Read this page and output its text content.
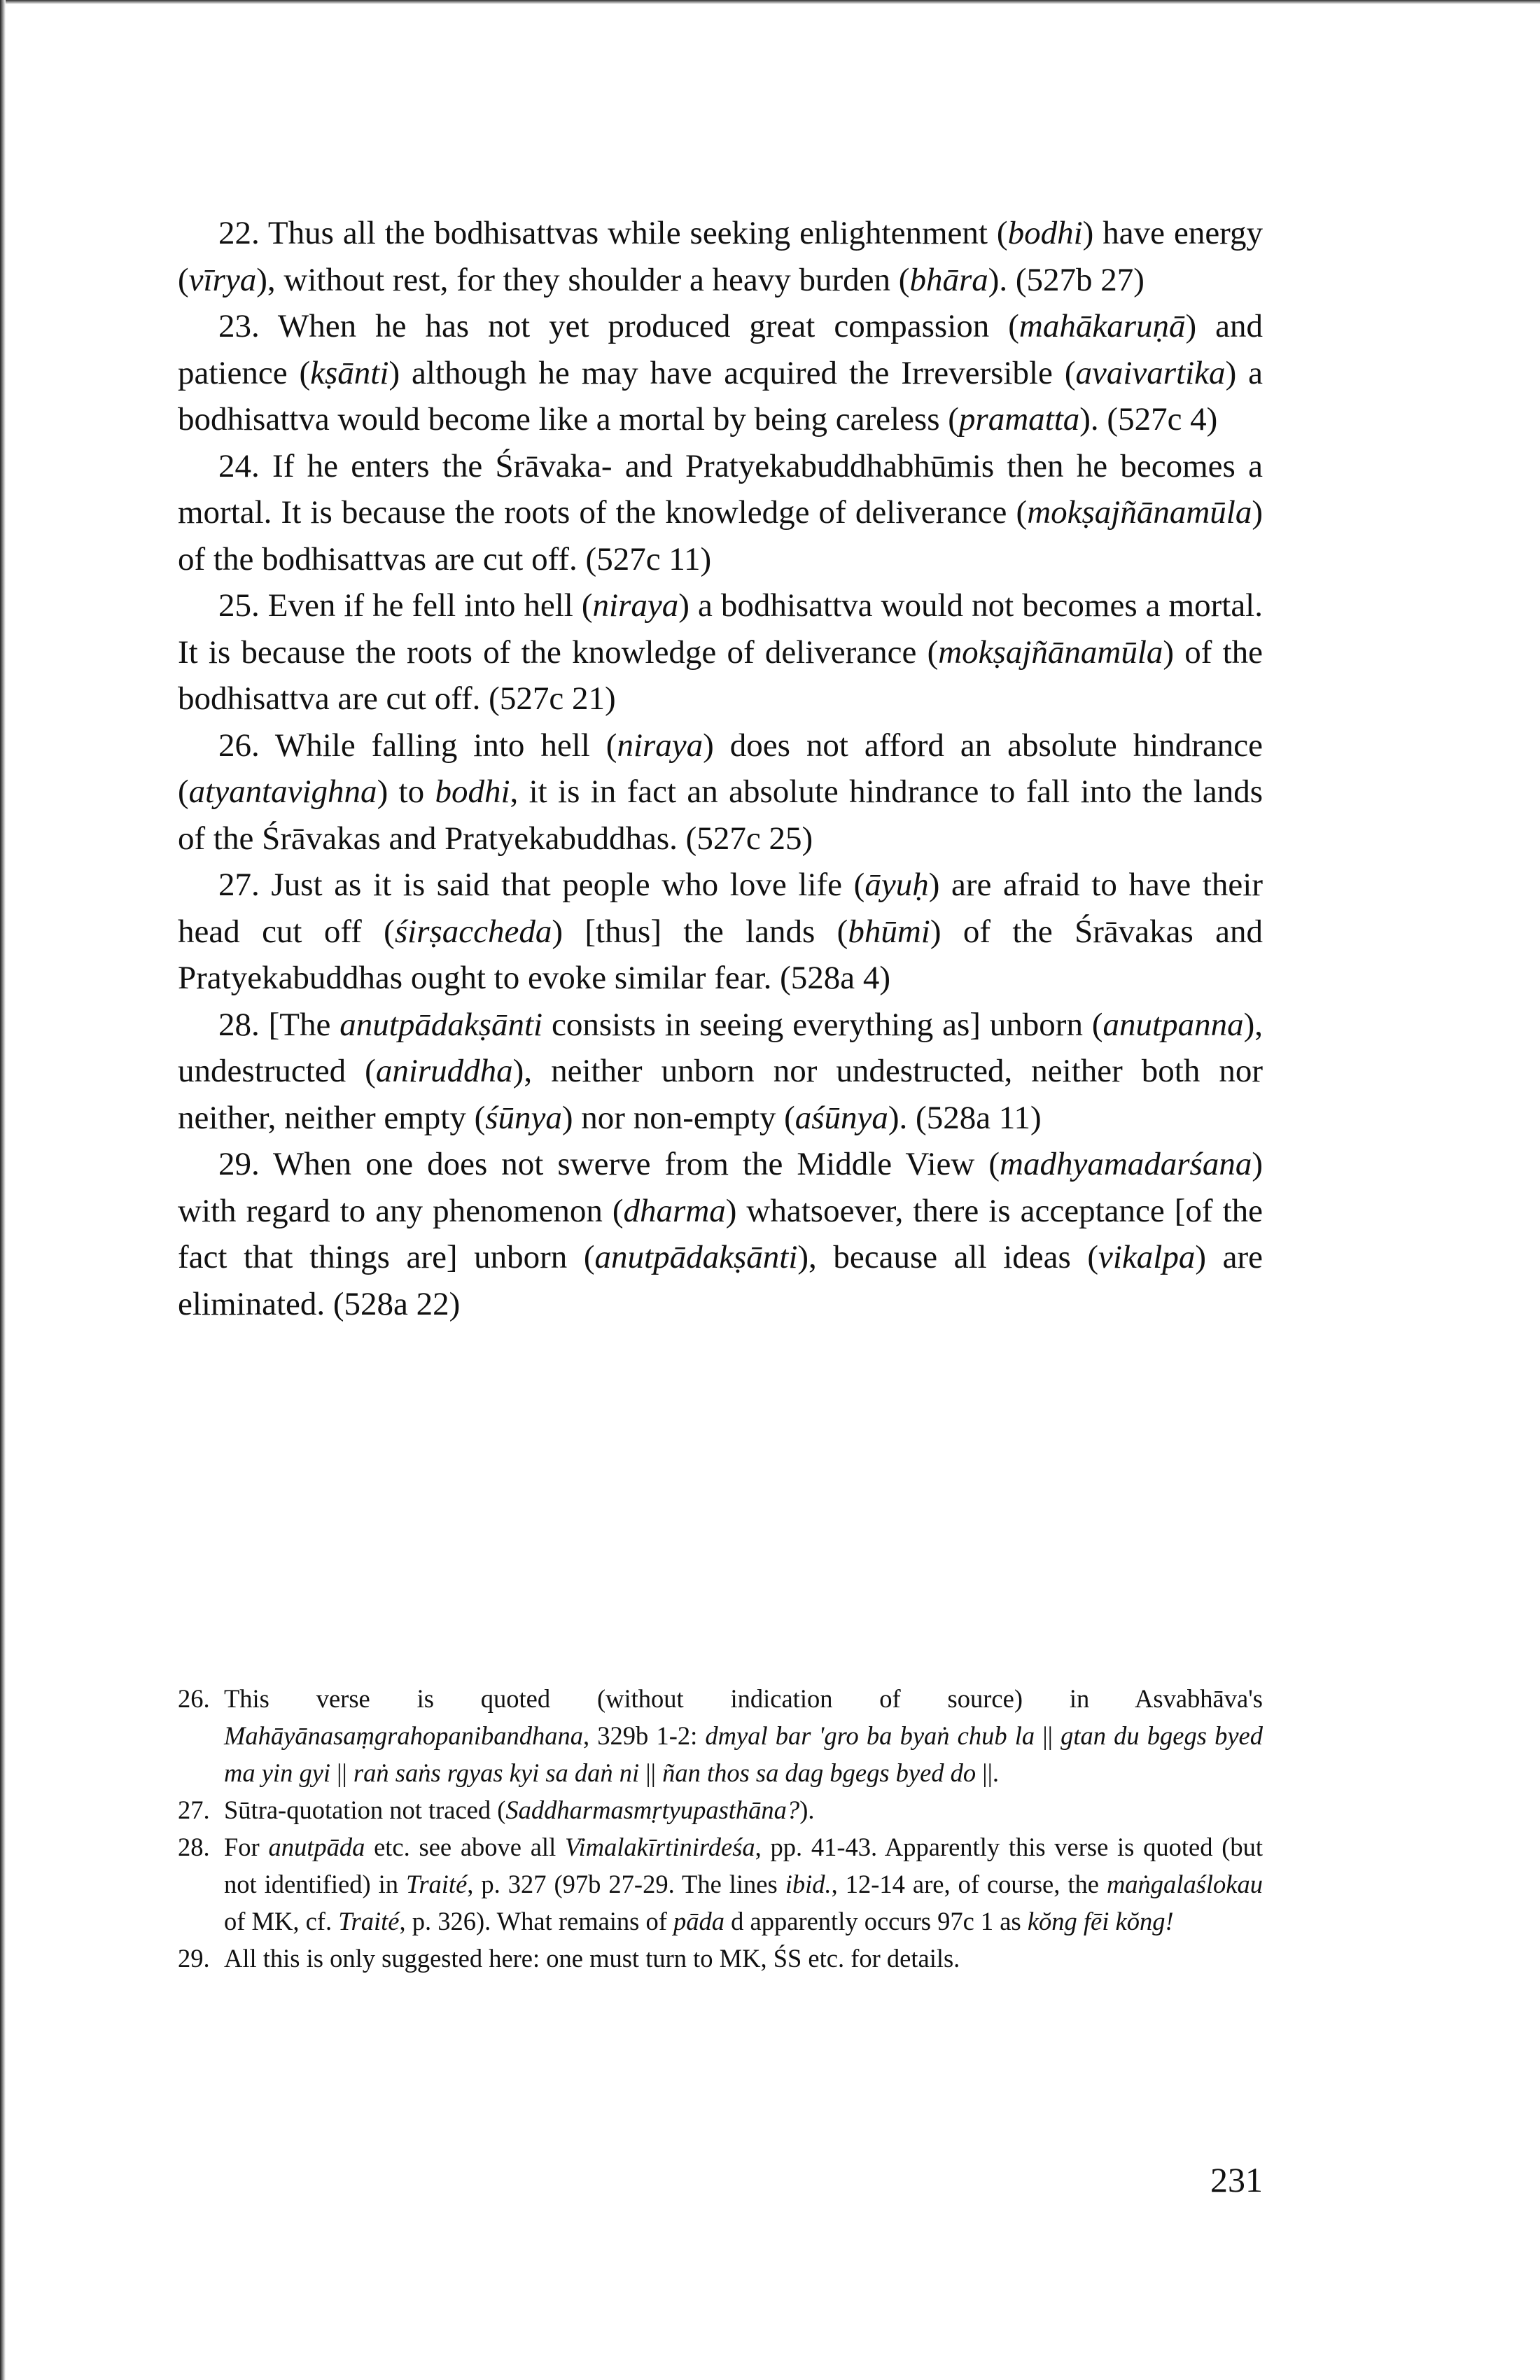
22. Thus all the bodhisattvas while seeking enlightenment (bodhi) have energy (vīrya), without rest, for they shoulder a heavy burden (bhāra). (527b 27)

23. When he has not yet produced great compassion (mahākaruṇā) and patience (kṣānti) although he may have acquired the Irreversible (avaivartika) a bodhisattva would become like a mortal by being careless (pramatta). (527c 4)

24. If he enters the Śrāvaka- and Pratyekabuddhabhūmis then he becomes a mortal. It is because the roots of the knowledge of deliverance (mokṣajñānamūla) of the bodhisattvas are cut off. (527c 11)

25. Even if he fell into hell (niraya) a bodhisattva would not becomes a mortal. It is because the roots of the knowledge of deliverance (mokṣajñānamūla) of the bodhisattva are cut off. (527c 21)

26. While falling into hell (niraya) does not afford an absolute hindrance (atyantavighna) to bodhi, it is in fact an absolute hindrance to fall into the lands of the Śrāvakas and Pratyekabuddhas. (527c 25)

27. Just as it is said that people who love life (āyuḥ) are afraid to have their head cut off (śirṣaccheda) [thus] the lands (bhūmi) of the Śrāvakas and Pratyekabuddhas ought to evoke similar fear. (528a 4)

28. [The anutpādakṣānti consists in seeing everything as] unborn (anutpanna), undestructed (aniruddha), neither unborn nor undestructed, neither both nor neither, neither empty (śūnya) nor non-empty (aśūnya). (528a 11)

29. When one does not swerve from the Middle View (madhyamadarśana) with regard to any phenomenon (dharma) whatsoever, there is acceptance [of the fact that things are] unborn (anutpādakṣānti), because all ideas (vikalpa) are eliminated. (528a 22)

26. This verse is quoted (without indication of source) in Asvabhāva's Mahāyānasaṃgrahopanibandhana, 329b 1-2: dmyal bar 'gro ba byaṅ chub la || gtan du bgegs byed ma yin gyi || raṅ saṅs rgyas kyi sa daṅ ni || ñan thos sa dag bgegs byed do ||.
27. Sūtra-quotation not traced (Saddharmasmṛtyupasthāna?).
28. For anutpāda etc. see above all Vimalakīrtinirdeśa, pp. 41-43. Apparently this verse is quoted (but not identified) in Traité, p. 327 (97b 27-29. The lines ibid., 12-14 are, of course, the maṅgalaślokau of MK, cf. Traité, p. 326). What remains of pāda d apparently occurs 97c 1 as kŏng fēi kŏng!
29. All this is only suggested here: one must turn to MK, ŚS etc. for details.
231
